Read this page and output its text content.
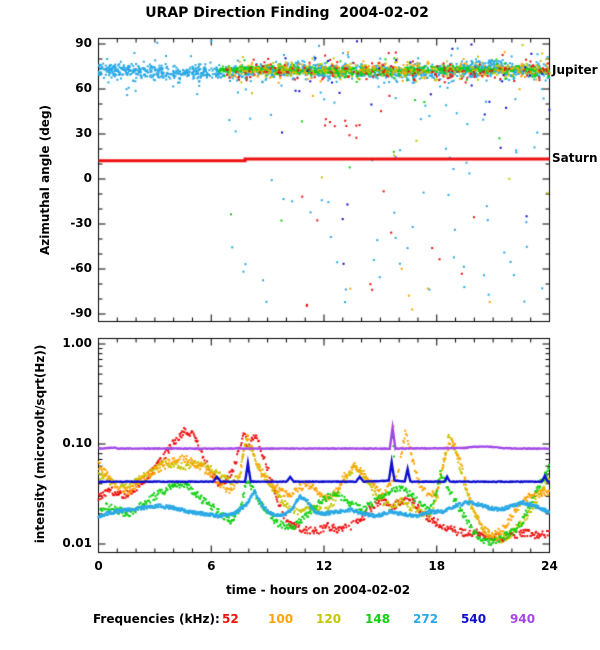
URAP Direction Finding  2004-02-02
Azimuthal angle (deg)
intensity (microvolt/sqrt(Hz))
time - hours on 2004-02-02
Jupiter
Saturn
Frequencies (kHz): 52 100 120 148 272 540 940
90
60
30
0
-30
-60
-90
1.00
0.10
0.01
0	6	12	18	24
